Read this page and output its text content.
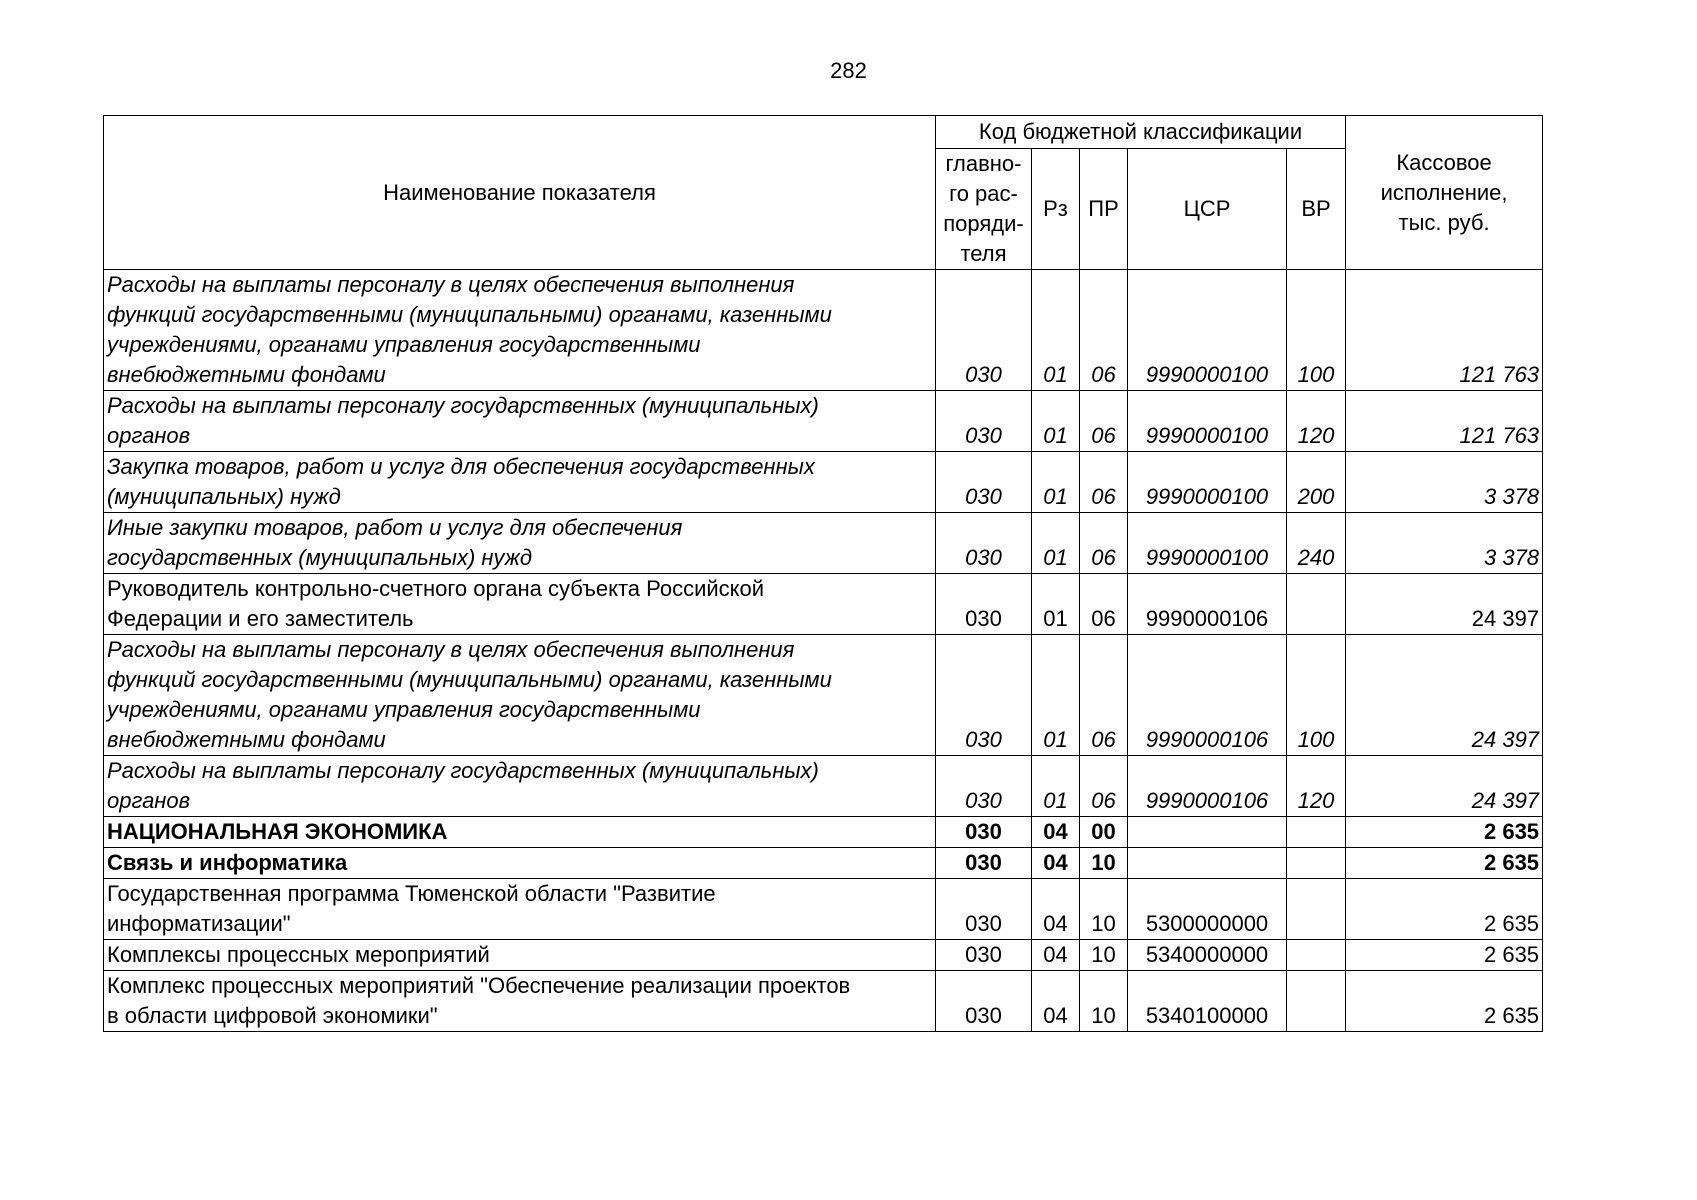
282
Наименование показателя	Код бюджетной классификации					Кассовое
исполнение,
тыс. руб.

	главно-
го рас-
поряди-
теля	Рз	ПР	ЦСР	ВР	

Расходы на выплаты персоналу в целях обеспечения выполнения
функций государственными (муниципальными) органами, казенными
учреждениями, органами управления государственными
внебюджетными фондами	030	01	06	9990000100	100	121 763

Расходы на выплаты персоналу государственных (муниципальных)
органов	030	01	06	9990000100	120	121 763

Закупка товаров, работ и услуг для обеспечения государственных
(муниципальных) нужд	030	01	06	9990000100	200	3 378

Иные закупки товаров, работ и услуг для обеспечения
государственных (муниципальных) нужд	030	01	06	9990000100	240	3 378

Руководитель контрольно-счетного органа субъекта Российской
Федерации и его заместитель	030	01	06	9990000106		24 397

Расходы на выплаты персоналу в целях обеспечения выполнения
функций государственными (муниципальными) органами, казенными
учреждениями, органами управления государственными
внебюджетными фондами	030	01	06	9990000106	100	24 397

Расходы на выплаты персоналу государственных (муниципальных)
органов	030	01	06	9990000106	120	24 397

НАЦИОНАЛЬНАЯ ЭКОНОМИКА	030	04	00			2 635

Связь и информатика	030	04	10			2 635

Государственная программа Тюменской области "Развитие
информатизации"	030	04	10	5300000000		2 635

Комплексы процессных мероприятий	030	04	10	5340000000		2 635

Комплекс процессных мероприятий "Обеспечение реализации проектов
в области цифровой экономики"	030	04	10	5340100000		2 635
